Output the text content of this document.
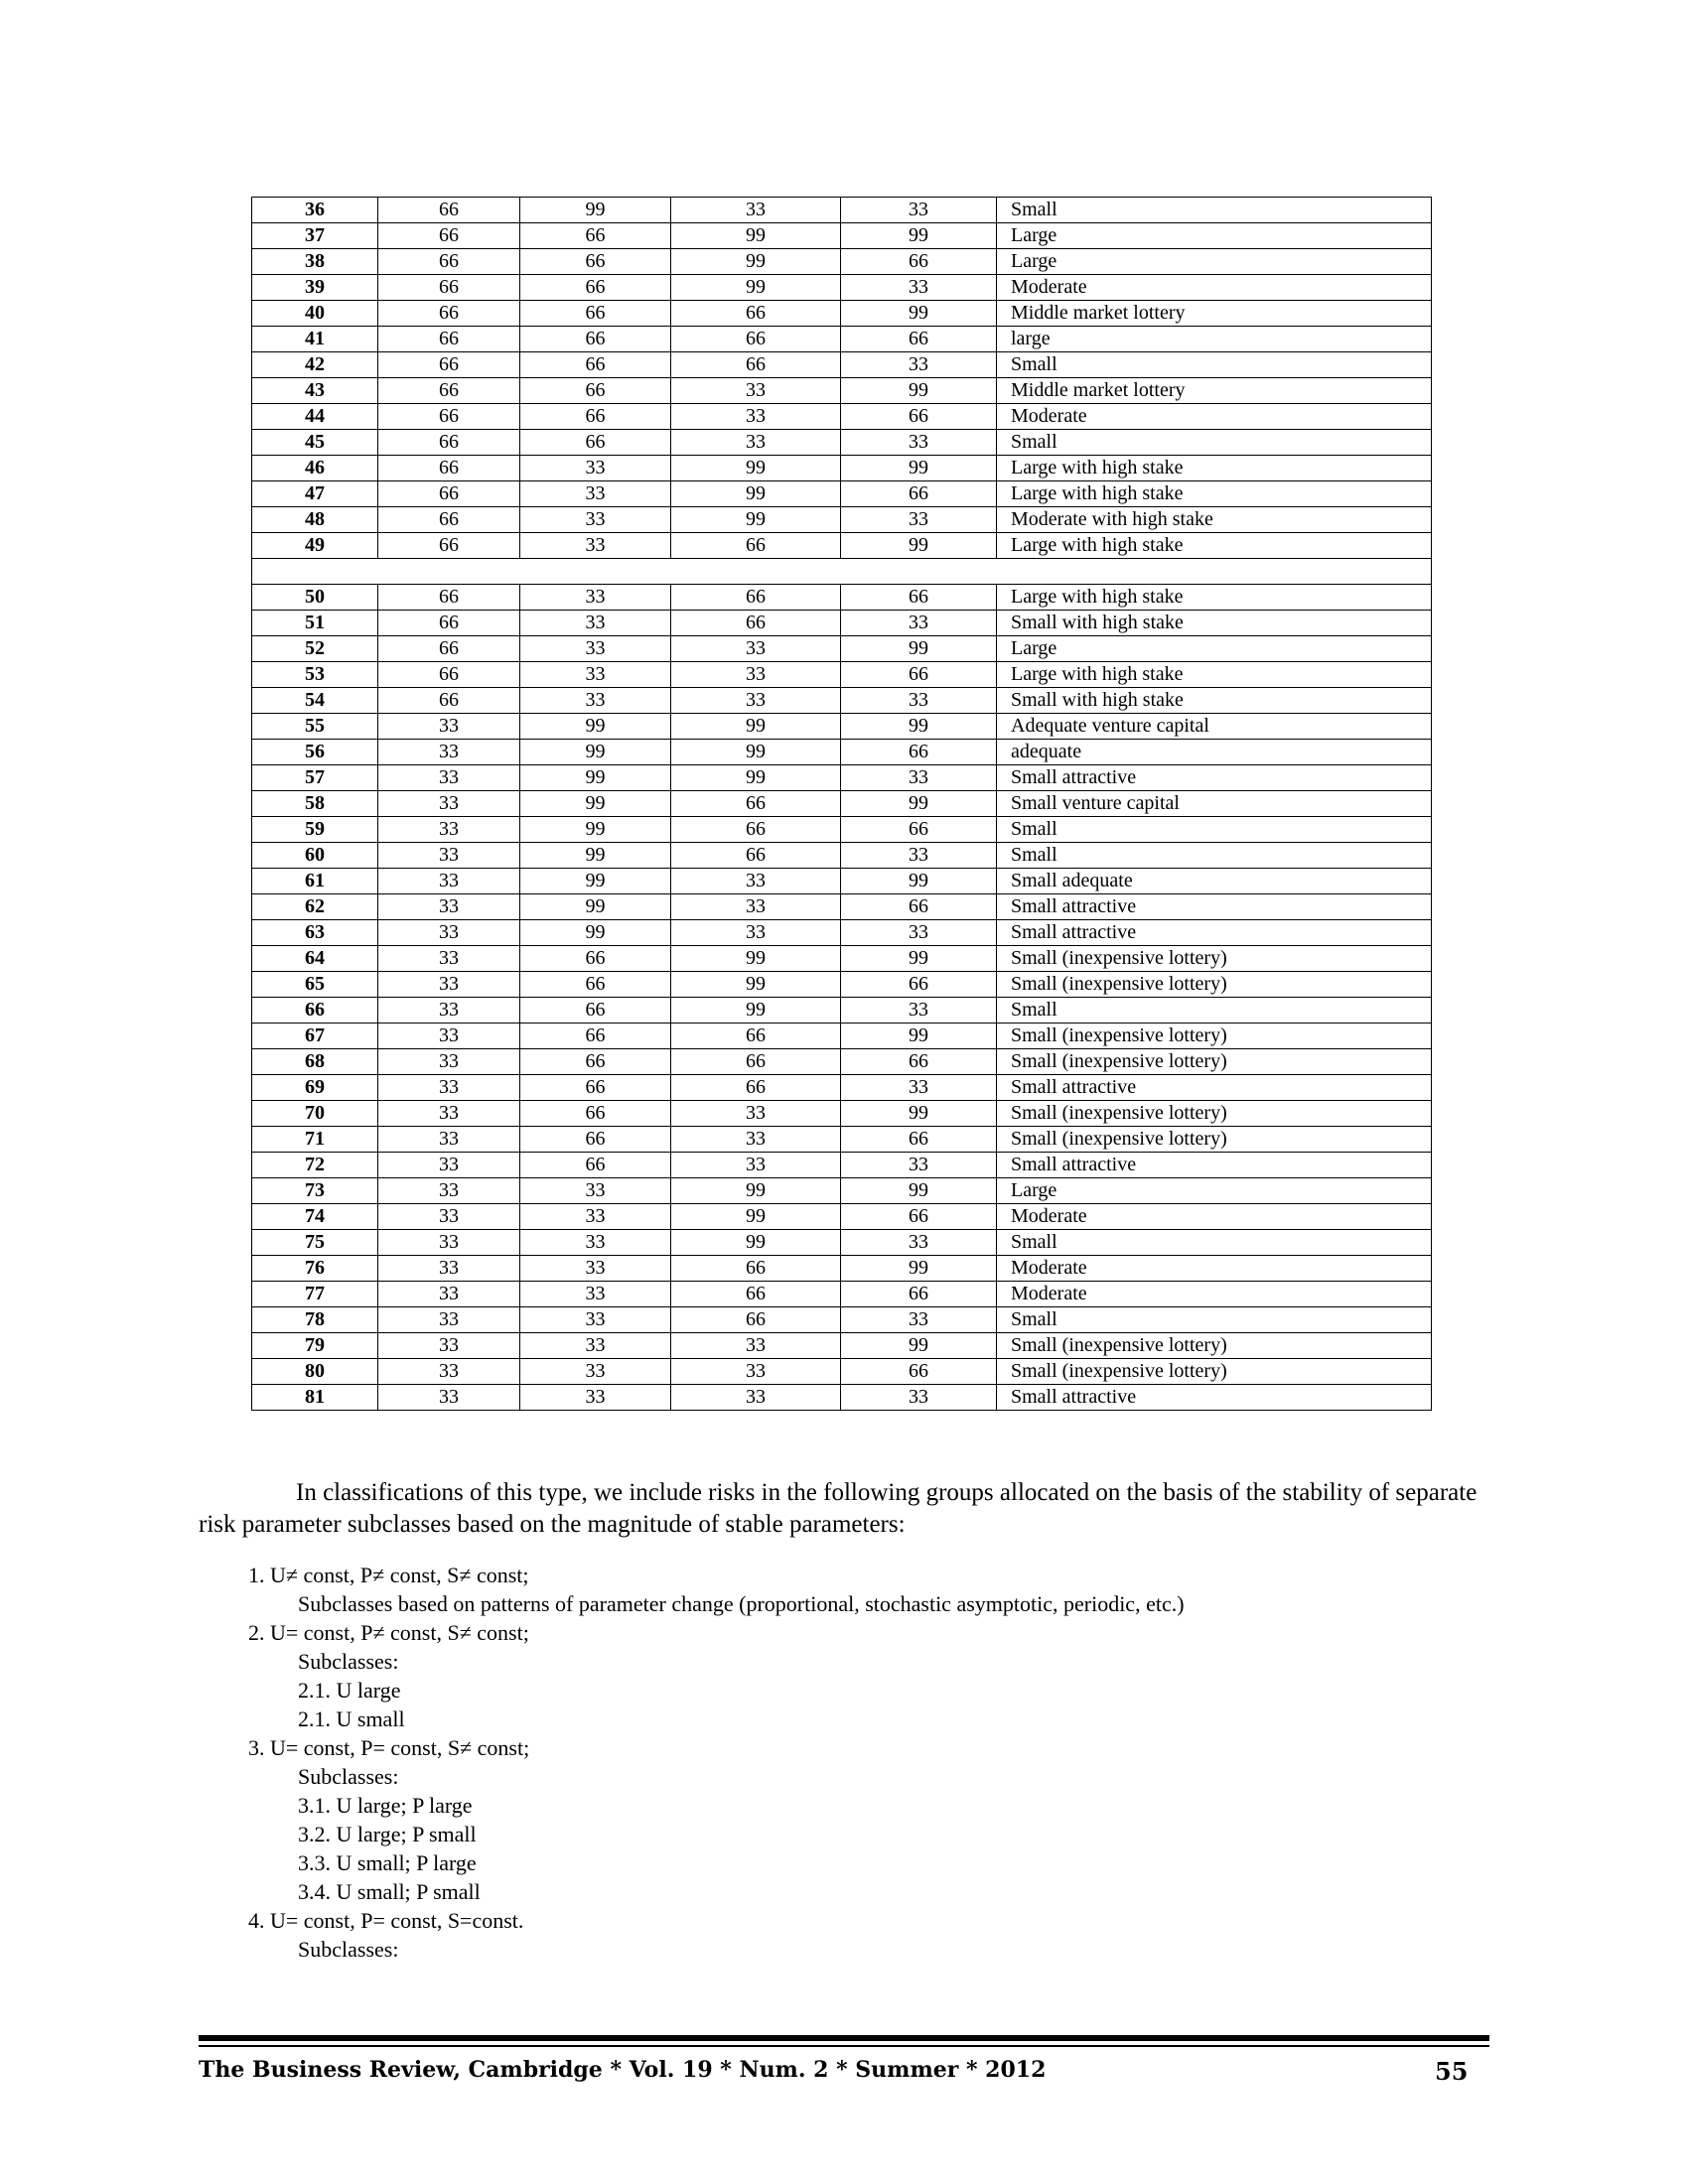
36	66	99	33	33	Small
37	66	66	99	99	Large
38	66	66	99	66	Large
39	66	66	99	33	Moderate
40	66	66	66	99	Middle market lottery
41	66	66	66	66	large
42	66	66	66	33	Small
43	66	66	33	99	Middle market lottery
44	66	66	33	66	Moderate
45	66	66	33	33	Small
46	66	33	99	99	Large with high stake
47	66	33	99	66	Large with high stake
48	66	33	99	33	Moderate with high stake
49	66	33	66	99	Large with high stake

50	66	33	66	66	Large with high stake
51	66	33	66	33	Small with high stake
52	66	33	33	99	Large
53	66	33	33	66	Large with high stake
54	66	33	33	33	Small with high stake
55	33	99	99	99	Adequate venture capital
56	33	99	99	66	adequate
57	33	99	99	33	Small attractive
58	33	99	66	99	Small venture capital
59	33	99	66	66	Small
60	33	99	66	33	Small
61	33	99	33	99	Small adequate
62	33	99	33	66	Small attractive
63	33	99	33	33	Small attractive
64	33	66	99	99	Small (inexpensive lottery)
65	33	66	99	66	Small (inexpensive lottery)
66	33	66	99	33	Small
67	33	66	66	99	Small (inexpensive lottery)
68	33	66	66	66	Small (inexpensive lottery)
69	33	66	66	33	Small attractive
70	33	66	33	99	Small (inexpensive lottery)
71	33	66	33	66	Small (inexpensive lottery)
72	33	66	33	33	Small attractive
73	33	33	99	99	Large
74	33	33	99	66	Moderate
75	33	33	99	33	Small
76	33	33	66	99	Moderate
77	33	33	66	66	Moderate
78	33	33	66	33	Small
79	33	33	33	99	Small (inexpensive lottery)
80	33	33	33	66	Small (inexpensive lottery)
81	33	33	33	33	Small attractive

In classifications of this type, we include risks in the following groups allocated on the basis of the stability of separate risk parameter subclasses based on the magnitude of stable parameters:

1. U≠ const, P≠ const, S≠ const;
Subclasses based on patterns of parameter change (proportional, stochastic asymptotic, periodic, etc.)
2. U= const, P≠ const, S≠ const;
Subclasses:
2.1. U large
2.1. U small
3. U= const, P= const, S≠ const;
Subclasses:
3.1. U large; P large
3.2. U large; P small
3.3. U small; P large
3.4. U small; P small
4. U= const, P= const, S=const.
Subclasses:
The Business Review, Cambridge * Vol. 19 * Num. 2 * Summer * 2012	55
